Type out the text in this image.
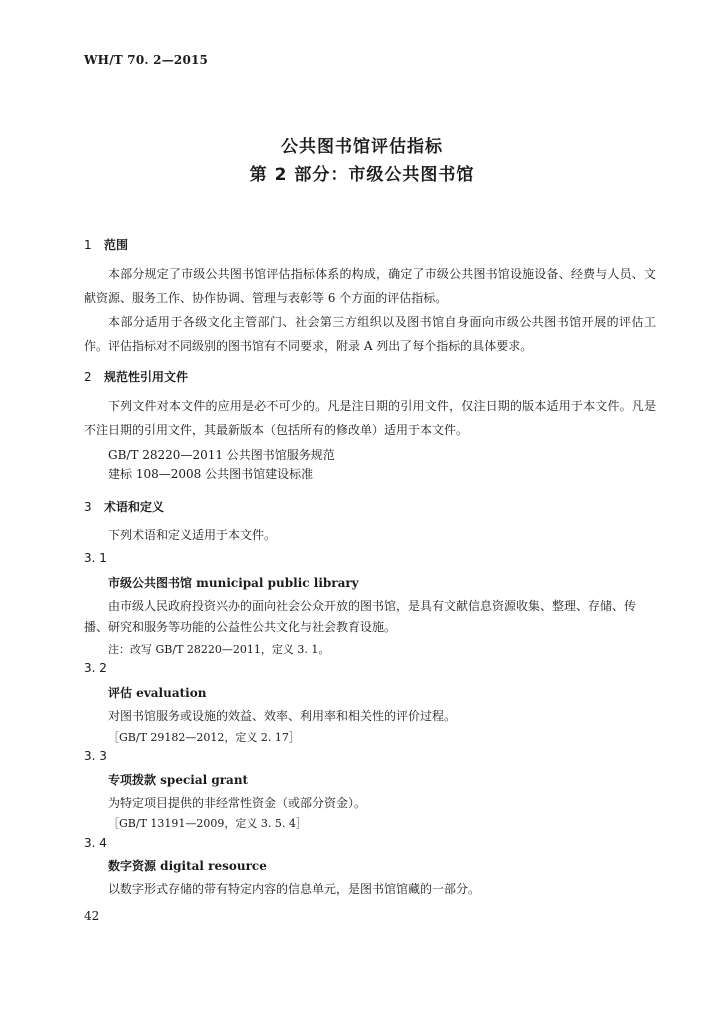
WH/T 70. 2—2015
公共图书馆评估指标
第 2 部分：市级公共图书馆
1 范围
本部分规定了市级公共图书馆评估指标体系的构成，确定了市级公共图书馆设施设备、经费与人员、文献资源、服务工作、协作协调、管理与表彰等 6 个方面的评估指标。
本部分适用于各级文化主管部门、社会第三方组织以及图书馆自身面向市级公共图书馆开展的评估工作。评估指标对不同级别的图书馆有不同要求，附录 A 列出了每个指标的具体要求。
2 规范性引用文件
下列文件对本文件的应用是必不可少的。凡是注日期的引用文件，仅注日期的版本适用于本文件。凡是不注日期的引用文件，其最新版本（包括所有的修改单）适用于本文件。
GB/T 28220—2011 公共图书馆服务规范
建标 108—2008 公共图书馆建设标准
3 术语和定义
下列术语和定义适用于本文件。
3. 1
市级公共图书馆 municipal public library
由市级人民政府投资兴办的面向社会公众开放的图书馆，是具有文献信息资源收集、整理、存储、传
播、研究和服务等功能的公益性公共文化与社会教育设施。
注：改写 GB/T 28220—2011，定义 3. 1。
3. 2
评估 evaluation
对图书馆服务或设施的效益、效率、利用率和相关性的评价过程。
［GB/T 29182—2012，定义 2. 17］
3. 3
专项拨款 special grant
为特定项目提供的非经常性资金（或部分资金）。
［GB/T 13191—2009，定义 3. 5. 4］
3. 4
数字资源 digital resource
以数字形式存储的带有特定内容的信息单元，是图书馆馆藏的一部分。
42
